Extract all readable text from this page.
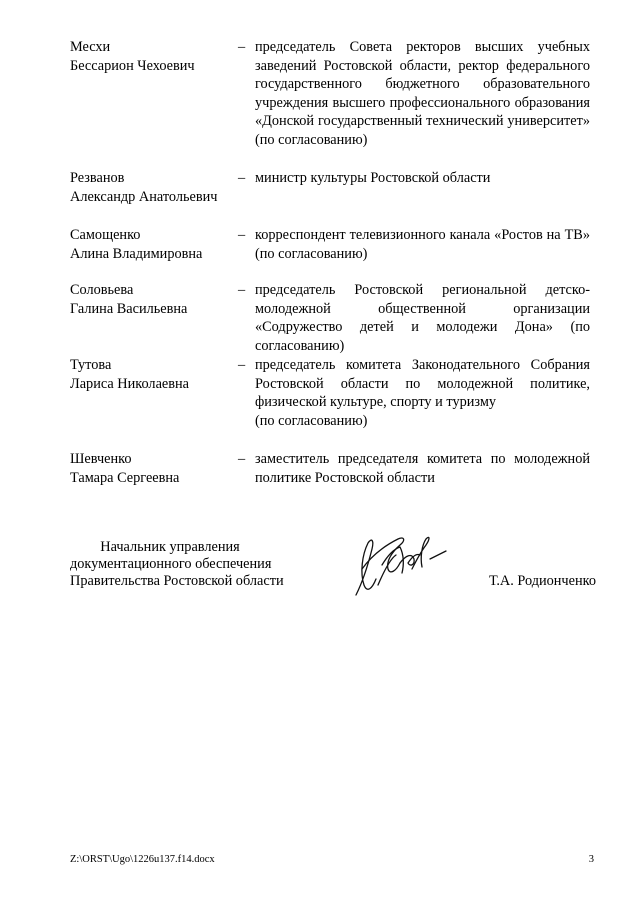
Месхи
Бессарион Чехоевич
– председатель Совета ректоров высших учебных заведений Ростовской области, ректор федерального государственного бюджетного образовательного учреждения высшего профессионального образования «Донской государственный технический университет» (по согласованию)
Резванов
Александр Анатольевич
– министр культуры Ростовской области
Самощенко
Алина Владимировна
– корреспондент телевизионного канала «Ростов на ТВ» (по согласованию)
Соловьева
Галина Васильевна
– председатель Ростовской региональной детско-молодежной общественной организации «Содружество детей и молодежи Дона» (по согласованию)
Тутова
Лариса Николаевна
– председатель комитета Законодательного Собрания Ростовской области по молодежной политике, физической культуре, спорту и туризму
(по согласованию)
Шевченко
Тамара Сергеевна
– заместитель председателя комитета по молодежной политике Ростовской области
Начальник управления
документационного обеспечения
Правительства Ростовской области	Т.А. Родионченко
Z:\ORST\Ugo\1226u137.f14.docx	3
